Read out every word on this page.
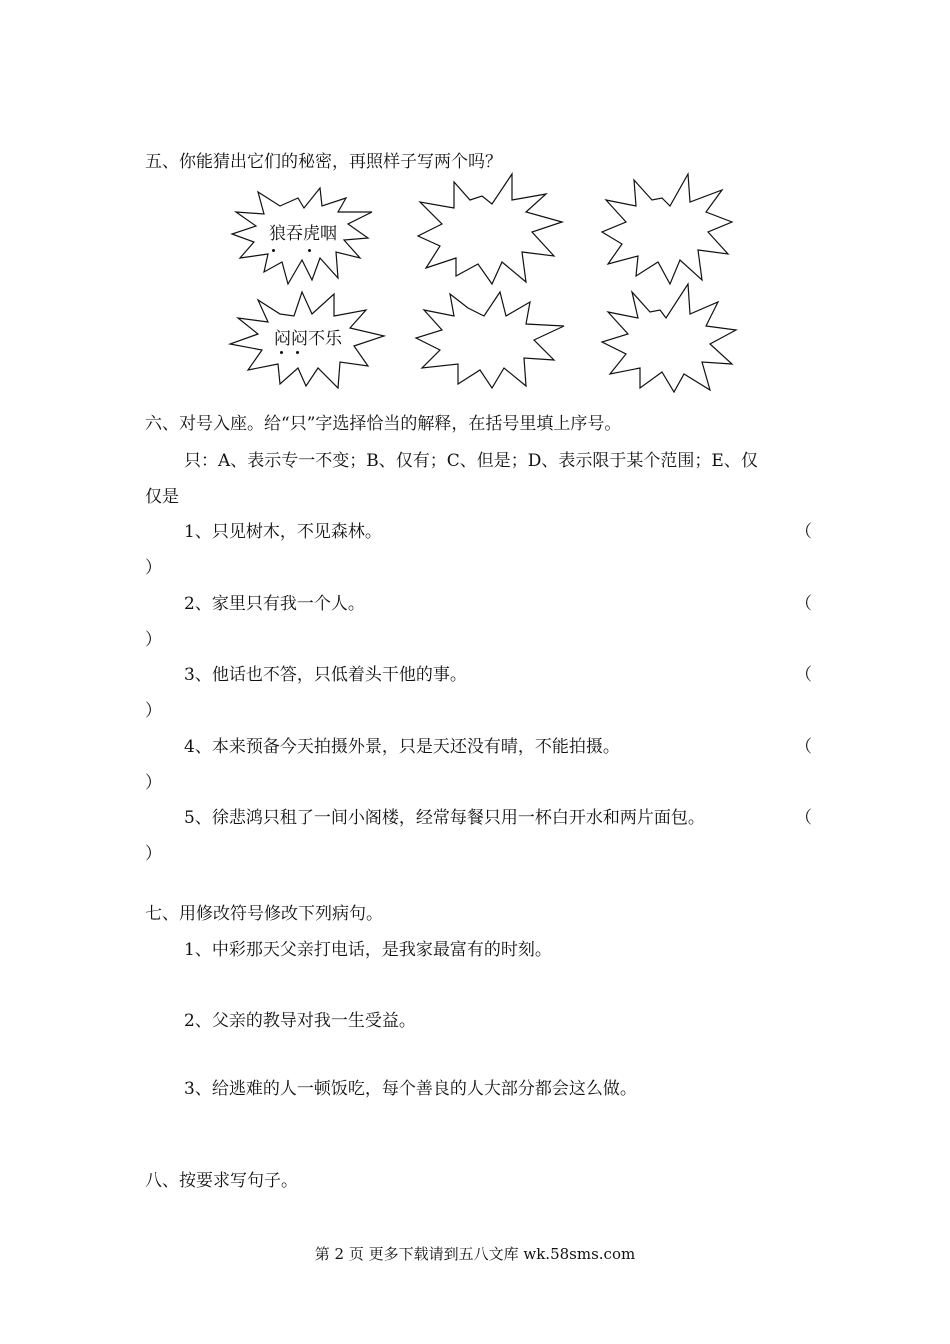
五、你能猜出它们的秘密，再照样子写两个吗？
狼吞虎咽
闷闷不乐
六、对号入座。给“只”字选择恰当的解释，在括号里填上序号。
只：A、表示专一不变；B、仅有；C、但是；D、表示限于某个范围；E、仅
仅是
1、只见树木，不见森林。	（
）
2、家里只有我一个人。	（
）
3、他话也不答，只低着头干他的事。	（
）
4、本来预备今天拍摄外景，只是天还没有晴，不能拍摄。	（
）
5、徐悲鸿只租了一间小阁楼，经常每餐只用一杯白开水和两片面包。	（
）
七、用修改符号修改下列病句。
1、中彩那天父亲打电话，是我家最富有的时刻。
2、父亲的教导对我一生受益。
3、给逃难的人一顿饭吃，每个善良的人大部分都会这么做。
八、按要求写句子。
第 2 页 更多下载请到五八文库 wk.58sms.com
